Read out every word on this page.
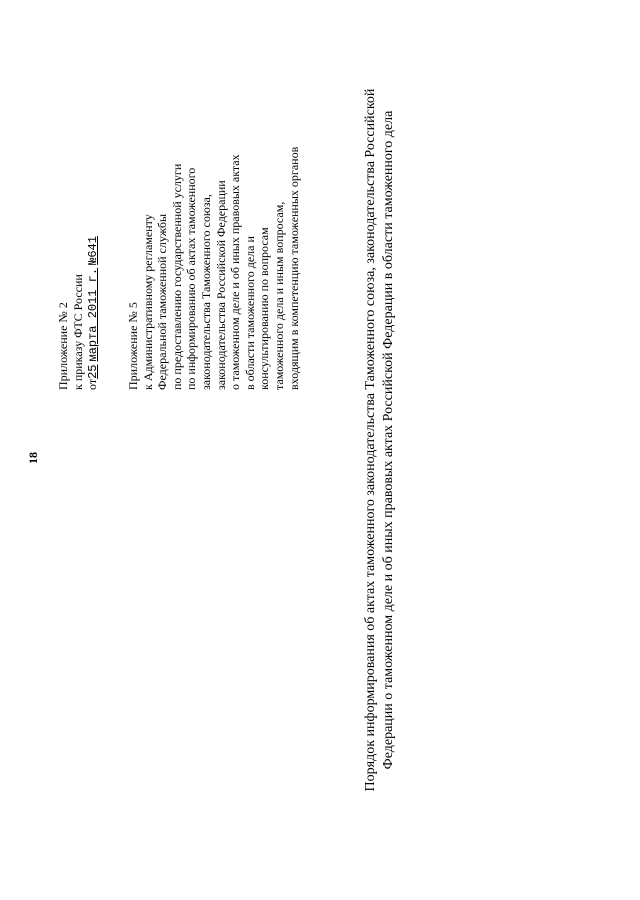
18

Приложение № 2 к приказу ФТС России от25 марта 2011 г. №641
Приложение № 5 к Административному регламенту Федеральной таможенной службы по предоставлению государственной услуги по информированию об актах таможенного законодательства Таможенного союза, законодательства Российской Федерации о таможенном деле и об иных правовых актах в области таможенного дела и консультированию по вопросам таможенного дела и иным вопросам, входящим в компетенцию таможенных органов	Порядок информирования об актах таможенного законодательства Таможенного союза, законодательства Российской Федерации о таможенном деле и об иных правовых актах Российской Федерации в области таможенного дела
